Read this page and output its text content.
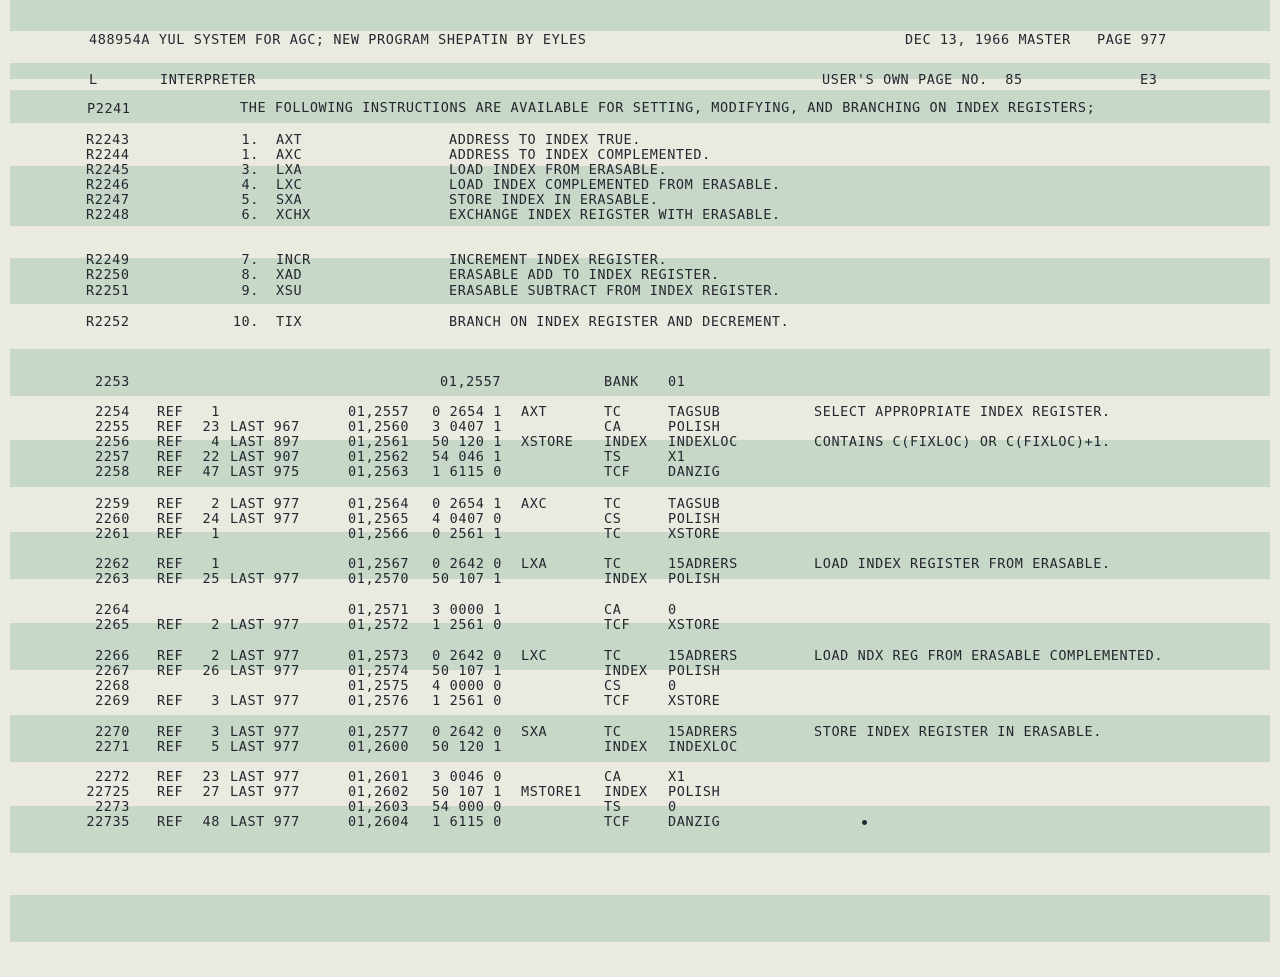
488954A YUL SYSTEM FOR AGC; NEW PROGRAM SHEPATIN BY EYLES	DEC 13, 1966 MASTER   PAGE 977
L	INTERPRETER	USER'S OWN PAGE NO.  85	E3
P2241	THE FOLLOWING INSTRUCTIONS ARE AVAILABLE FOR SETTING, MODIFYING, AND BRANCHING ON INDEX REGISTERS;
R2243	1. AXT	ADDRESS TO INDEX TRUE.
R2244	1. AXC	ADDRESS TO INDEX COMPLEMENTED.
R2245	3. LXA	LOAD INDEX FROM ERASABLE.
R2246	4. LXC	LOAD INDEX COMPLEMENTED FROM ERASABLE.
R2247	5. SXA	STORE INDEX IN ERASABLE.
R2248	6. XCHX	EXCHANGE INDEX REIGSTER WITH ERASABLE.
R2249	7. INCR	INCREMENT INDEX REGISTER.
R2250	8. XAD	ERASABLE ADD TO INDEX REGISTER.
R2251	9. XSU	ERASABLE SUBTRACT FROM INDEX REGISTER.
R2252	10. TIX	BRANCH ON INDEX REGISTER AND DECREMENT.
2253	01,2557	BANK 01
2254 REF 1	01,2557 0 2654 1 AXT	TC	TAGSUB	SELECT APPROPRIATE INDEX REGISTER.
2255 REF 23 LAST 967	01,2560 3 0407 1	CA	POLISH
2256 REF 4 LAST 897	01,2561 50 120 1 XSTORE INDEX INDEXLOC	CONTAINS C(FIXLOC) OR C(FIXLOC)+1.
2257 REF 22 LAST 907	01,2562 54 046 1	TS	X1
2258 REF 47 LAST 975	01,2563 1 6115 0	TCF	DANZIG
2259 REF 2 LAST 977	01,2564 0 2654 1 AXC	TC	TAGSUB
2260 REF 24 LAST 977	01,2565 4 0407 0	CS	POLISH
2261 REF 1	01,2566 0 2561 1	TC	XSTORE
2262 REF 1	01,2567 0 2642 0 LXA	TC	15ADRERS	LOAD INDEX REGISTER FROM ERASABLE.
2263 REF 25 LAST 977	01,2570 50 107 1	INDEX POLISH
2264	01,2571 3 0000 1	CA	0
2265 REF 2 LAST 977	01,2572 1 2561 0	TCF	XSTORE
2266 REF 2 LAST 977	01,2573 0 2642 0 LXC	TC	15ADRERS	LOAD NDX REG FROM ERASABLE COMPLEMENTED.
2267 REF 26 LAST 977	01,2574 50 107 1	INDEX POLISH
2268	01,2575 4 0000 0	CS	0
2269 REF 3 LAST 977	01,2576 1 2561 0	TCF	XSTORE
2270 REF 3 LAST 977	01,2577 0 2642 0 SXA	TC	15ADRERS	STORE INDEX REGISTER IN ERASABLE.
2271 REF 5 LAST 977	01,2600 50 120 1	INDEX INDEXLOC
2272 REF 23 LAST 977	01,2601 3 0046 0	CA	X1
22725 REF 27 LAST 977	01,2602 50 107 1 MSTORE1 INDEX POLISH
2273	01,2603 54 000 0	TS	0
22735 REF 48 LAST 977	01,2604 1 6115 0	TCF	DANZIG
